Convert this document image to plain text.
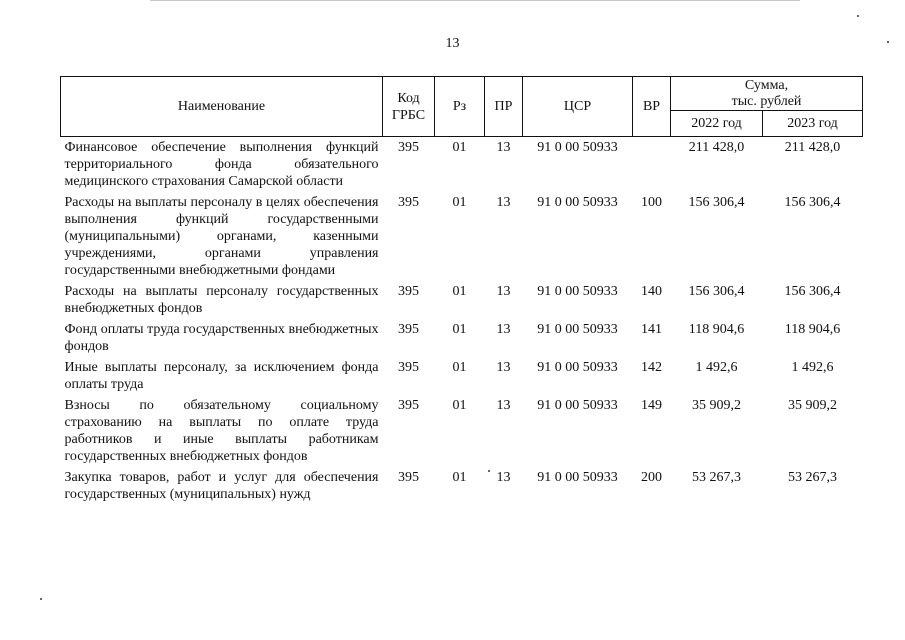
13
Наименование	Код ГРБС	Рз	ПР	ЦСР	ВР	Сумма,
тыс. рублей	

						2022 год	2023 год
Финансовое обеспечение выполнения функций территориального фонда обязательного медицинского страхования Самарской области	395	01	13	91 0 00 50933		211 428,0	211 428,0
Расходы на выплаты персоналу в целях обеспечения выполнения функций государственными (муниципальными) органами, казенными учреждениями, органами управления государственными внебюджетными фондами	395	01	13	91 0 00 50933	100	156 306,4	156 306,4
Расходы на выплаты персоналу государственных внебюджетных фондов	395	01	13	91 0 00 50933	140	156 306,4	156 306,4
Фонд оплаты труда государственных внебюджетных фондов	395	01	13	91 0 00 50933	141	118 904,6	118 904,6
Иные выплаты персоналу, за исключением фонда оплаты труда	395	01	13	91 0 00 50933	142	1 492,6	1 492,6
Взносы по обязательному социальному страхованию на выплаты по оплате труда работников и иные выплаты работникам государственных внебюджетных фондов	395	01	13	91 0 00 50933	149	35 909,2	35 909,2
Закупка товаров, работ и услуг для обеспечения государственных (муниципальных) нужд	395	01	13	91 0 00 50933	200	53 267,3	53 267,3
